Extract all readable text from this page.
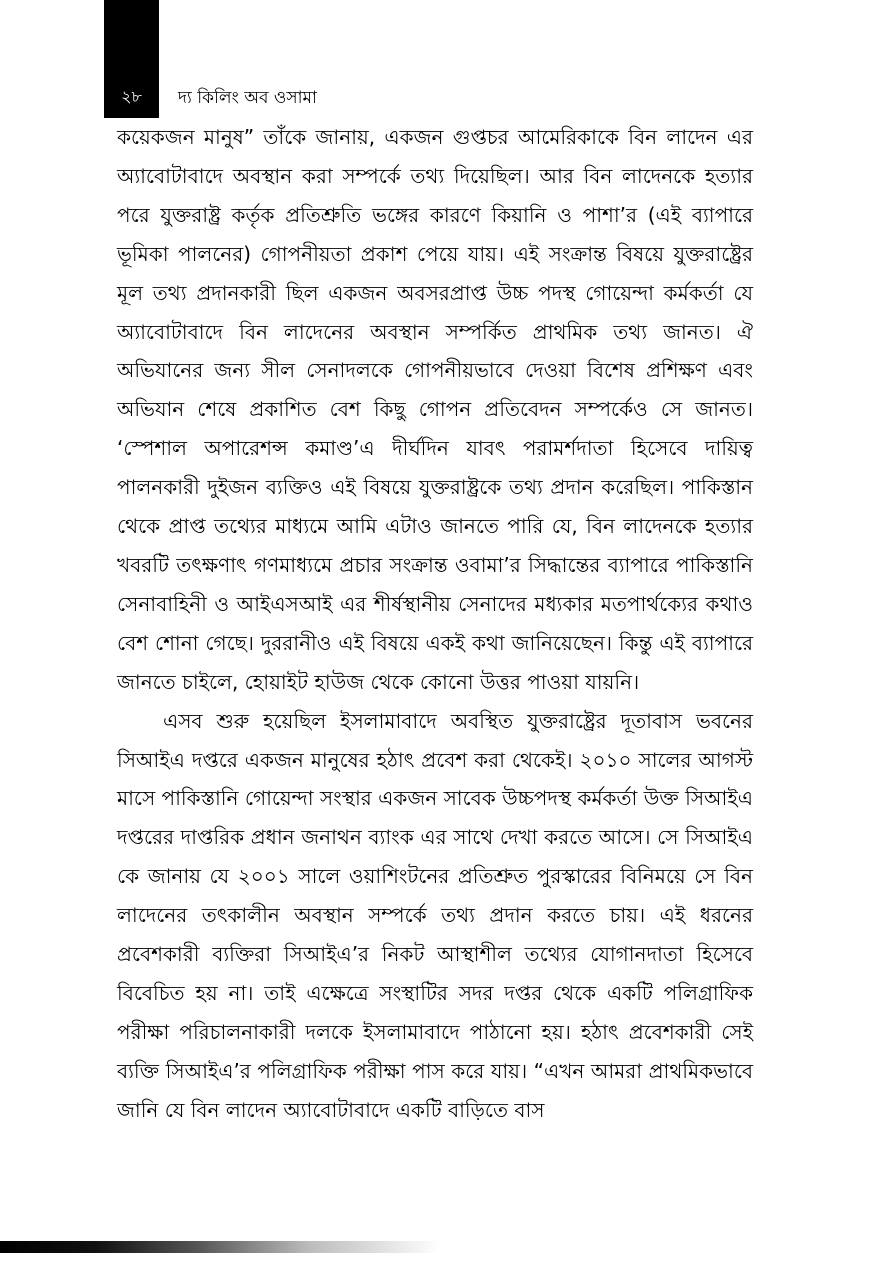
২৮	দ্য কিলিং অব ওসামা

কয়েকজন মানুষ” তাঁকে জানায়, একজন গুপ্তচর আমেরিকাকে বিন লাদেন এর অ্যাবোটাবাদে অবস্থান করা সম্পর্কে তথ্য দিয়েছিল। আর বিন লাদেনকে হত্যার পরে যুক্তরাষ্ট্র কর্তৃক প্রতিশ্রুতি ভঙ্গের কারণে কিয়ানি ও পাশা’র (এই ব্যাপারে ভূমিকা পালনের) গোপনীয়তা প্রকাশ পেয়ে যায়। এই সংক্রান্ত বিষয়ে যুক্তরাষ্ট্রের মূল তথ্য প্রদানকারী ছিল একজন অবসরপ্রাপ্ত উচ্চ পদস্থ গোয়েন্দা কর্মকর্তা যে অ্যাবোটাবাদে বিন লাদেনের অবস্থান সম্পর্কিত প্রাথমিক তথ্য জানত। ঐ অভিযানের জন্য সীল সেনাদলকে গোপনীয়ভাবে দেওয়া বিশেষ প্রশিক্ষণ এবং অভিযান শেষে প্রকাশিত বেশ কিছু গোপন প্রতিবেদন সম্পর্কেও সে জানত। ‘স্পেশাল অপারেশন্স কমাণ্ড’এ দীর্ঘদিন যাবৎ পরামর্শদাতা হিসেবে দায়িত্ব পালনকারী দুইজন ব্যক্তিও এই বিষয়ে যুক্তরাষ্ট্রকে তথ্য প্রদান করেছিল। পাকিস্তান থেকে প্রাপ্ত তথ্যের মাধ্যমে আমি এটাও জানতে পারি যে, বিন লাদেনকে হত্যার খবরটি তৎক্ষণাৎ গণমাধ্যমে প্রচার সংক্রান্ত ওবামা’র সিদ্ধান্তের ব্যাপারে পাকিস্তানি সেনাবাহিনী ও আইএসআই এর শীর্ষস্থানীয় সেনাদের মধ্যকার মতপার্থক্যের কথাও বেশ শোনা গেছে। দুররানীও এই বিষয়ে একই কথা জানিয়েছেন। কিন্তু এই ব্যাপারে জানতে চাইলে, হোয়াইট হাউজ থেকে কোনো উত্তর পাওয়া যায়নি।

এসব শুরু হয়েছিল ইসলামাবাদে অবস্থিত যুক্তরাষ্ট্রের দূতাবাস ভবনের সিআইএ দপ্তরে একজন মানুষের হঠাৎ প্রবেশ করা থেকেই। ২০১০ সালের আগস্ট মাসে পাকিস্তানি গোয়েন্দা সংস্থার একজন সাবেক উচ্চপদস্থ কর্মকর্তা উক্ত সিআইএ দপ্তরের দাপ্তরিক প্রধান জনাথন ব্যাংক এর সাথে দেখা করতে আসে। সে সিআইএ কে জানায় যে ২০০১ সালে ওয়াশিংটনের প্রতিশ্রুত পুরস্কারের বিনিময়ে সে বিন লাদেনের তৎকালীন অবস্থান সম্পর্কে তথ্য প্রদান করতে চায়। এই ধরনের প্রবেশকারী ব্যক্তিরা সিআইএ’র নিকট আস্থাশীল তথ্যের যোগানদাতা হিসেবে বিবেচিত হয় না। তাই এক্ষেত্রে সংস্থাটির সদর দপ্তর থেকে একটি পলিগ্রাফিক পরীক্ষা পরিচালনাকারী দলকে ইসলামাবাদে পাঠানো হয়। হঠাৎ প্রবেশকারী সেই ব্যক্তি সিআইএ’র পলিগ্রাফিক পরীক্ষা পাস করে যায়। “এখন আমরা প্রাথমিকভাবে জানি যে বিন লাদেন অ্যাবোটাবাদে একটি বাড়িতে বাস
